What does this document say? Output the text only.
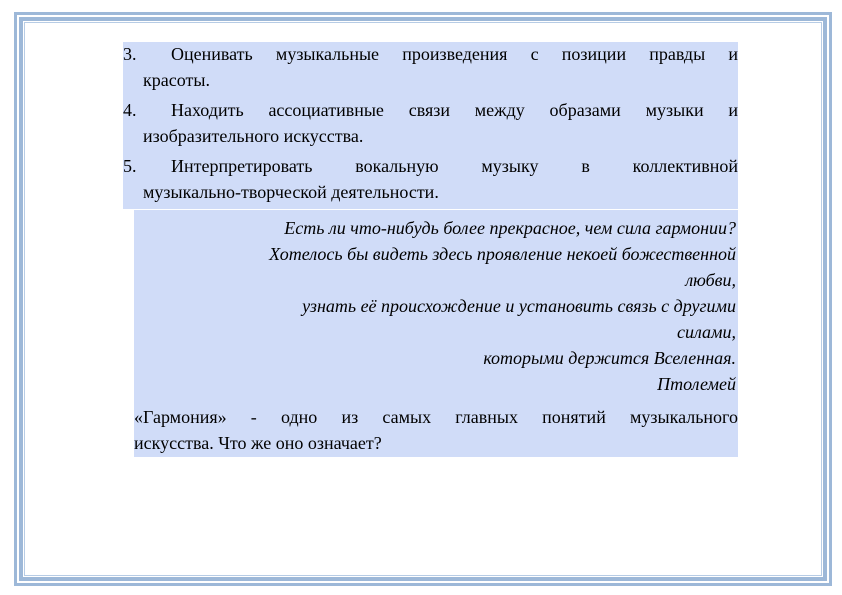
3.	Оценивать музыкальные произведения с позиции правды и
красоты.
4.	Находить ассоциативные связи между образами музыки и
изобразительного искусства.
5.	Интерпретировать вокальную музыку в коллективной
музыкально-творческой деятельности.
Есть ли что-нибудь более прекрасное, чем сила гармонии?
Хотелось бы видеть здесь проявление некоей божественной
любви,
узнать её происхождение и установить связь с другими
силами,
которыми держится Вселенная.
Птолемей
«Гармония» - одно из самых главных понятий музыкального
искусства. Что же оно означает?
